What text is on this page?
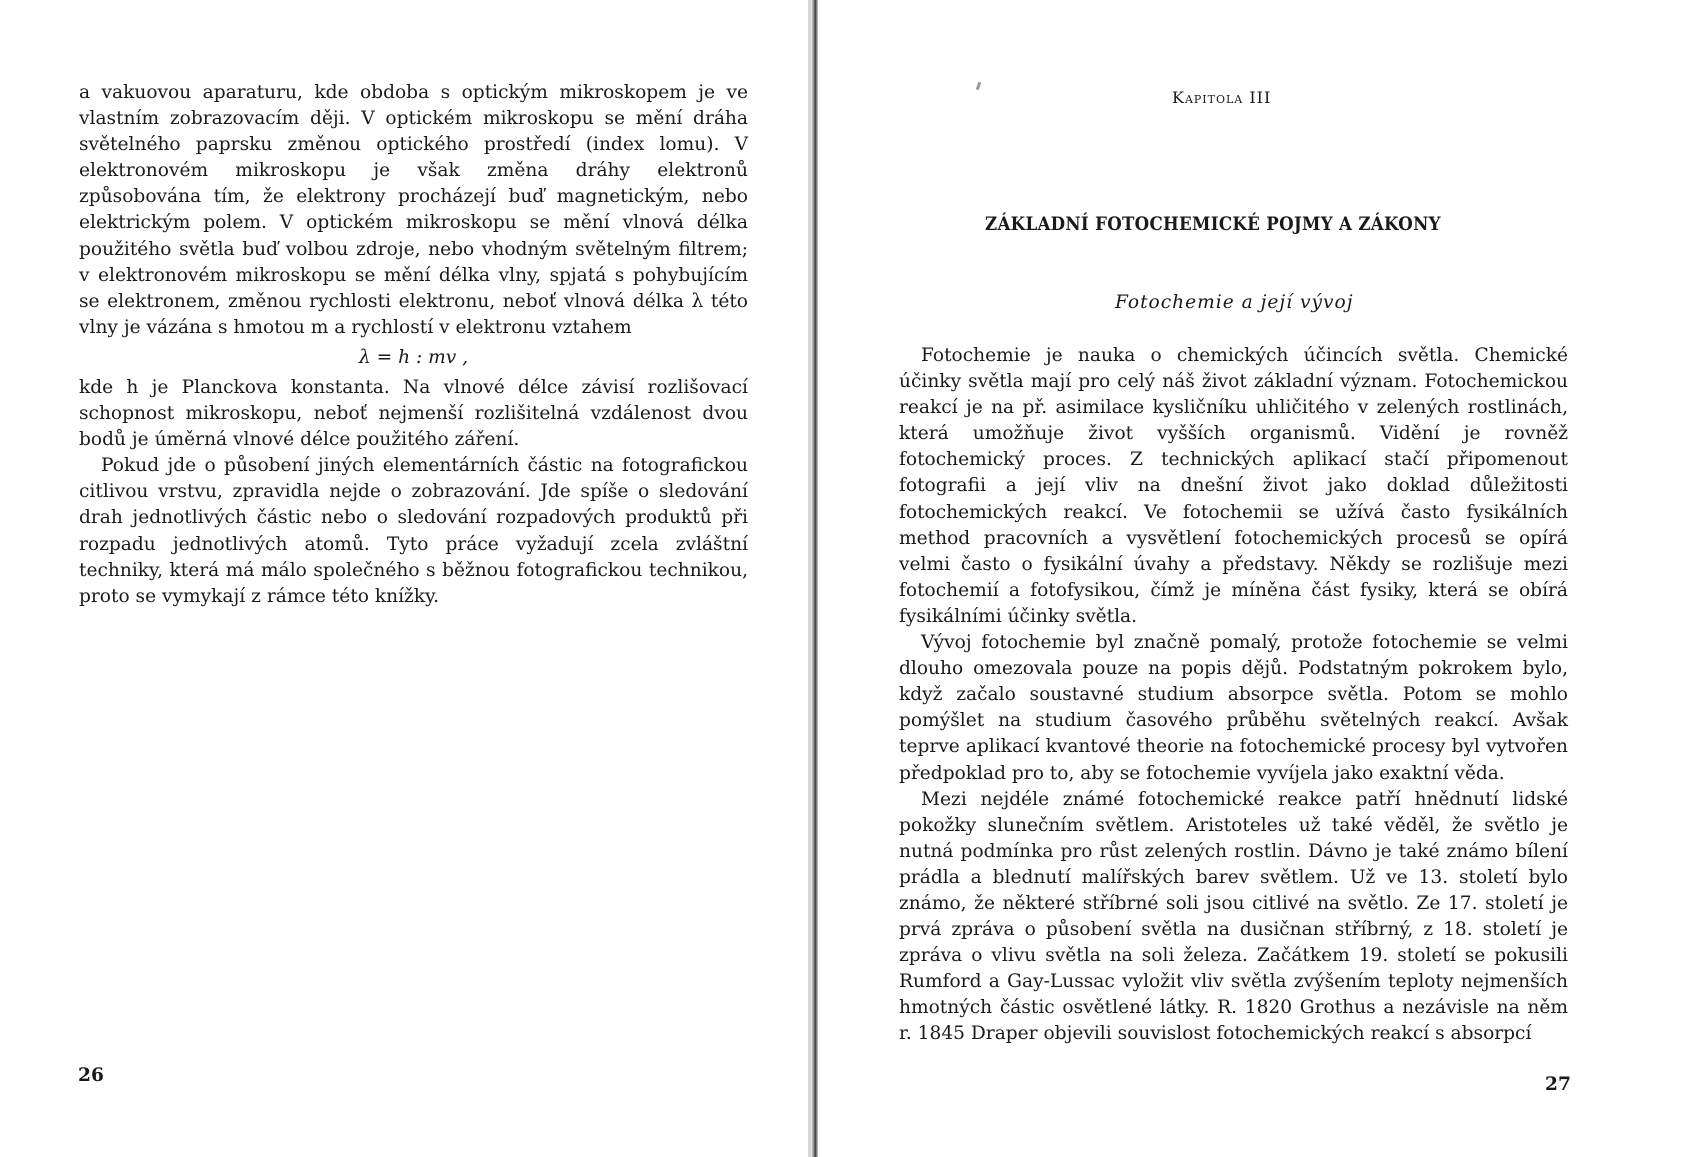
a vakuovou aparaturu, kde obdoba s optickým mikroskopem je ve vlastním zobrazovacím ději. V optickém mikroskopu se mění dráha světelného paprsku změnou optického prostředí (index lomu). V elektronovém mikroskopu je však změna dráhy elektronů způsobována tím, že elektrony procházejí buď magnetickým, nebo elektrickým polem. V optickém mikroskopu se mění vlnová délka použitého světla buď volbou zdroje, nebo vhodným světelným filtrem; v elektronovém mikroskopu se mění délka vlny, spjatá s pohybujícím se elektronem, změnou rychlosti elektronu, neboť vlnová délka λ této vlny je vázána s hmotou m a rychlostí v elektronu vztahem

λ = h : mv ,

kde h je Planckova konstanta. Na vlnové délce závisí rozlišovací schopnost mikroskopu, neboť nejmenší rozlišitelná vzdálenost dvou bodů je úměrná vlnové délce použitého záření.

Pokud jde o působení jiných elementárních částic na fotografickou citlivou vrstvu, zpravidla nejde o zobrazování. Jde spíše o sledování drah jednotlivých částic nebo o sledování rozpadových produktů při rozpadu jednotlivých atomů. Tyto práce vyžadují zcela zvláštní techniky, která má málo společného s běžnou fotografickou technikou, proto se vymykají z rámce této knížky.

26
Kapitola III
ZÁKLADNÍ FOTOCHEMICKÉ POJMY A ZÁKONY
Fotochemie a její vývoj

Fotochemie je nauka o chemických účincích světla. Chemické účinky světla mají pro celý náš život základní význam. Fotochemickou reakcí je na př. asimilace kysličníku uhličitého v zelených rostlinách, která umožňuje život vyšších organismů. Vidění je rovněž fotochemický proces. Z technických aplikací stačí připomenout fotografii a její vliv na dnešní život jako doklad důležitosti fotochemických reakcí. Ve fotochemii se užívá často fysikálních method pracovních a vysvětlení fotochemických procesů se opírá velmi často o fysikální úvahy a představy. Někdy se rozlišuje mezi fotochemií a fotofysikou, čímž je míněna část fysiky, která se obírá fysikálními účinky světla.

Vývoj fotochemie byl značně pomalý, protože fotochemie se velmi dlouho omezovala pouze na popis dějů. Podstatným pokrokem bylo, když začalo soustavné studium absorpce světla. Potom se mohlo pomýšlet na studium časového průběhu světelných reakcí. Avšak teprve aplikací kvantové theorie na fotochemické procesy byl vytvořen předpoklad pro to, aby se fotochemie vyvíjela jako exaktní věda.

Mezi nejdéle známé fotochemické reakce patří hnědnutí lidské pokožky slunečním světlem. Aristoteles už také věděl, že světlo je nutná podmínka pro růst zelených rostlin. Dávno je také známo bílení prádla a blednutí malířských barev světlem. Už ve 13. století bylo známo, že některé stříbrné soli jsou citlivé na světlo. Ze 17. století je prvá zpráva o působení světla na dusičnan stříbrný, z 18. století je zpráva o vlivu světla na soli železa. Začátkem 19. století se pokusili Rumford a Gay-Lussac vyložit vliv světla zvýšením teploty nejmenších hmotných částic osvětlené látky. R. 1820 Grothus a nezávisle na něm r. 1845 Draper objevili souvislost fotochemických reakcí s absorpcí

27
